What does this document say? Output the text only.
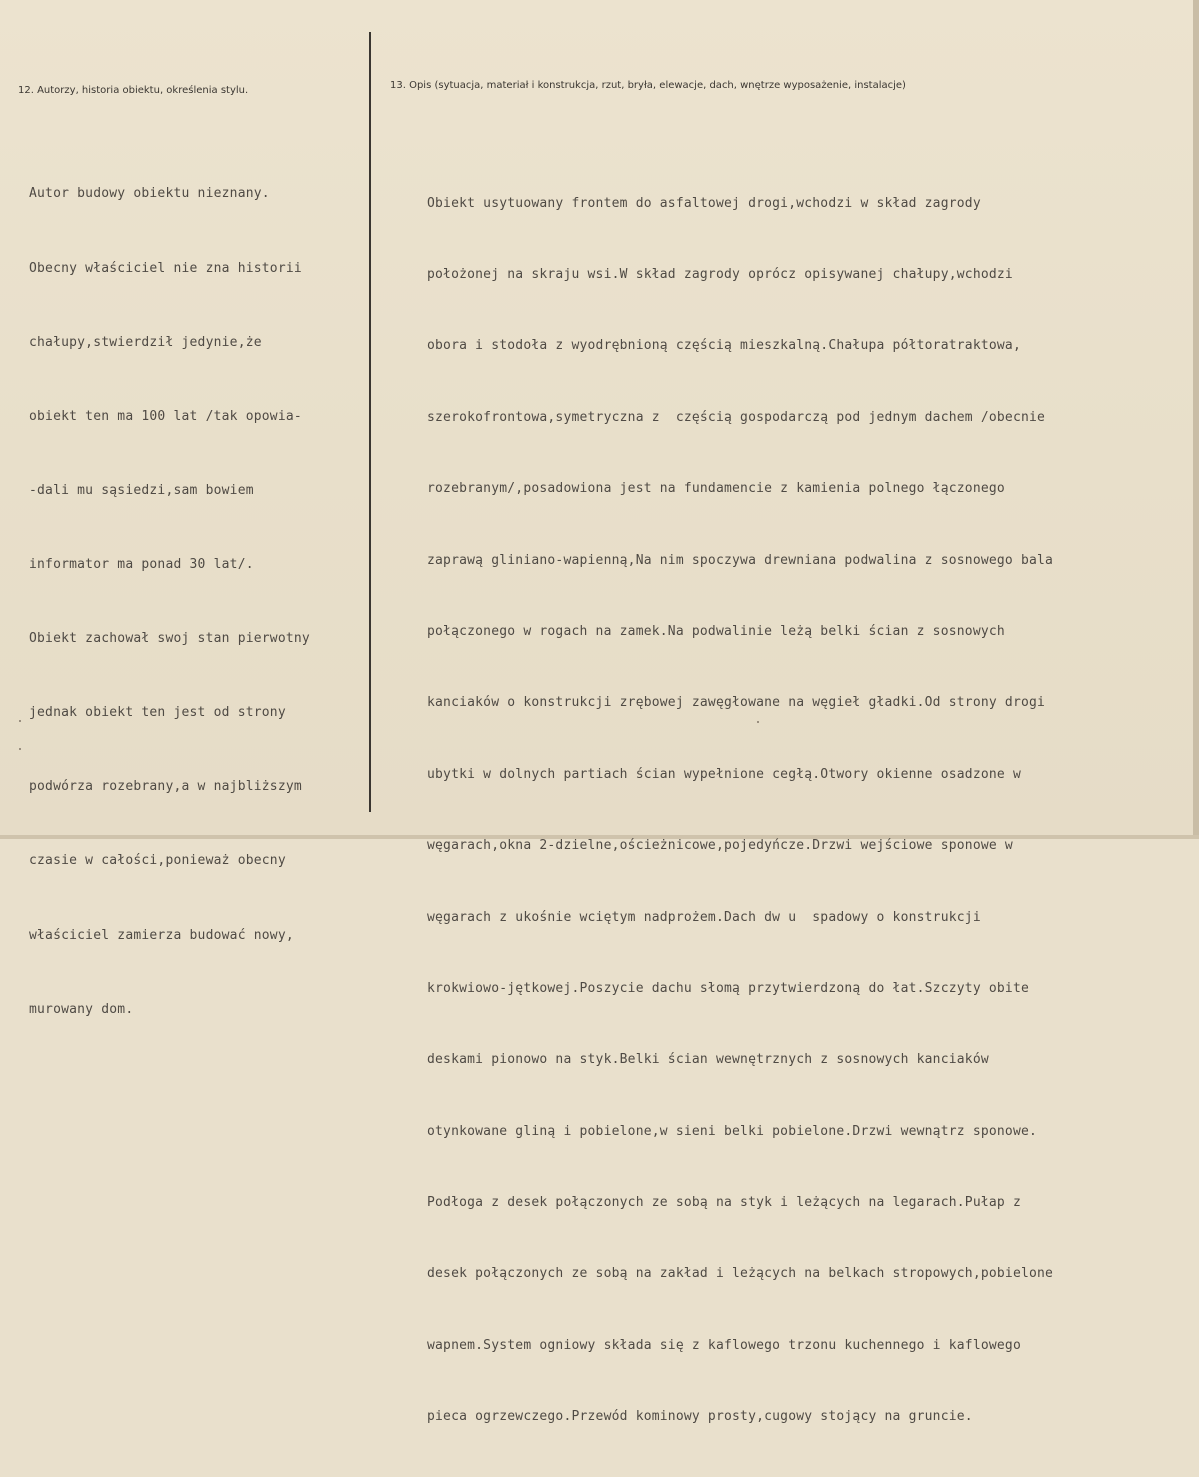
12. Autorzy, historia obiektu, określenia stylu.	13. Opis (sytuacja, materiał i konstrukcja, rzut, bryła, elewacje, dach, wnętrze wyposażenie, instalacje)

Autor budowy obiektu nieznany.

Obecny właściciel nie zna historii

chałupy,stwierdził jedynie,że

obiekt ten ma 100 lat /tak opowia-

-dali mu sąsiedzi,sam bowiem

informator ma ponad 30 lat/.

Obiekt zachował swoj stan pierwotny

jednak obiekt ten jest od strony

podwórza rozebrany,a w najbliższym

czasie w całości,ponieważ obecny

właściciel zamierza budować nowy,

murowany dom.

Obiekt usytuowany frontem do asfaltowej drogi,wchodzi w skład zagrody

położonej na skraju wsi.W skład zagrody oprócz opisywanej chałupy,wchodzi

obora i stodoła z wyodrębnioną częścią mieszkalną.Chałupa półtoratraktowa,

szerokofrontowa,symetryczna z  częścią gospodarczą pod jednym dachem /obecnie

rozebranym/,posadowiona jest na fundamencie z kamienia polnego łączonego

zaprawą gliniano-wapienną,Na nim spoczywa drewniana podwalina z sosnowego bala

połączonego w rogach na zamek.Na podwalinie leżą belki ścian z sosnowych

kanciaków o konstrukcji zrębowej zawęgłowane na węgieł gładki.Od strony drogi

ubytki w dolnych partiach ścian wypełnione cegłą.Otwory okienne osadzone w

węgarach,okna 2-dzielne,ościeżnicowe,pojedyńcze.Drzwi wejściowe sponowe w

węgarach z ukośnie wciętym nadprożem.Dach dw u  spadowy o konstrukcji

krokwiowo-jętkowej.Poszycie dachu słomą przytwierdzoną do łat.Szczyty obite

deskami pionowo na styk.Belki ścian wewnętrznych z sosnowych kanciaków

otynkowane gliną i pobielone,w sieni belki pobielone.Drzwi wewnątrz sponowe.

Podłoga z desek połączonych ze sobą na styk i leżących na legarach.Pułap z

desek połączonych ze sobą na zakład i leżących na belkach stropowych,pobielone

wapnem.System ogniowy składa się z kaflowego trzonu kuchennego i kaflowego

pieca ogrzewczego.Przewód kominowy prosty,cugowy stojący na gruncie.
